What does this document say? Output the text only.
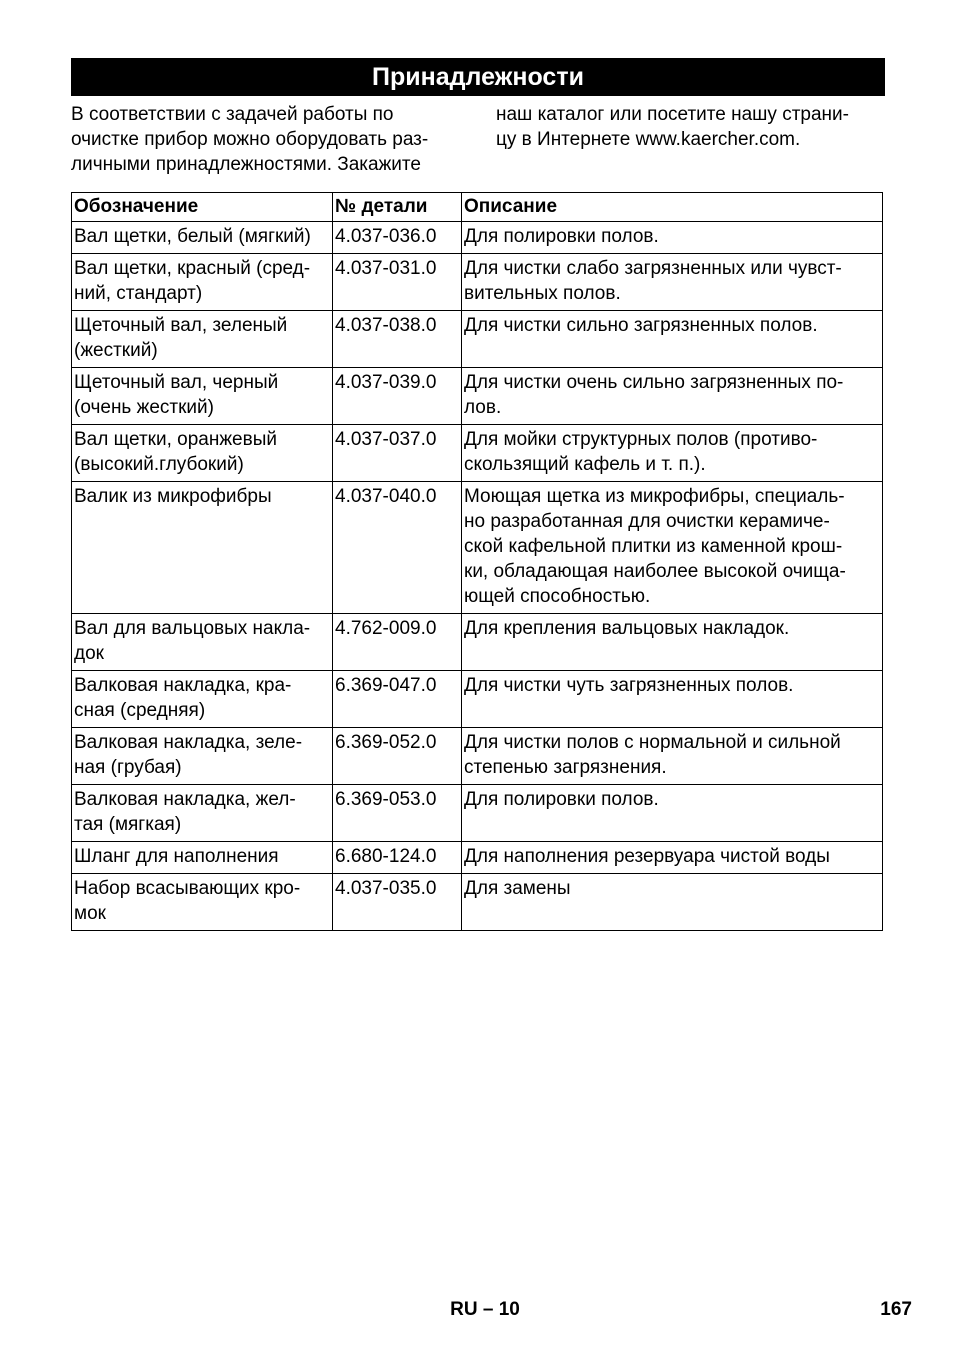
Принадлежности
В соответствии с задачей работы по
очистке прибор можно оборудовать раз-
личными принадлежностями. Закажите
наш каталог или посетите нашу страни-
цу в Интернете www.kaercher.com.
Обозначение	№ детали	Описание

Вал щетки, белый (мягкий)	4.037-036.0	Для полировки полов.

Вал щетки, красный (сред-
ний, стандарт)	4.037-031.0	Для чистки слабо загрязненных или чувст-
вительных полов.

Щеточный вал, зеленый
(жесткий)	4.037-038.0	Для чистки сильно загрязненных полов.

Щеточный вал, черный
(очень жесткий)	4.037-039.0	Для чистки очень сильно загрязненных по-
лов.

Вал щетки, оранжевый
(высокий.глубокий)	4.037-037.0	Для мойки структурных полов (противо-
скользящий кафель и т. п.).

Валик из микрофибры	4.037-040.0	Моющая щетка из микрофибры, специаль-
но разработанная для очистки керамиче-
ской кафельной плитки из каменной крош-
ки, обладающая наиболее высокой очища-
ющей способностью.

Вал для вальцовых накла-
док	4.762-009.0	Для крепления вальцовых накладок.

Валковая накладка, кра-
сная (средняя)	6.369-047.0	Для чистки чуть загрязненных полов.

Валковая накладка, зеле-
ная (грубая)	6.369-052.0	Для чистки полов с нормальной и сильной
степенью загрязнения.

Валковая накладка, жел-
тая (мягкая)	6.369-053.0	Для полировки полов.

Шланг для наполнения	6.680-124.0	Для наполнения резервуара чистой воды

Набор всасывающих кро-
мок	4.037-035.0	Для замены
RU – 10	167
